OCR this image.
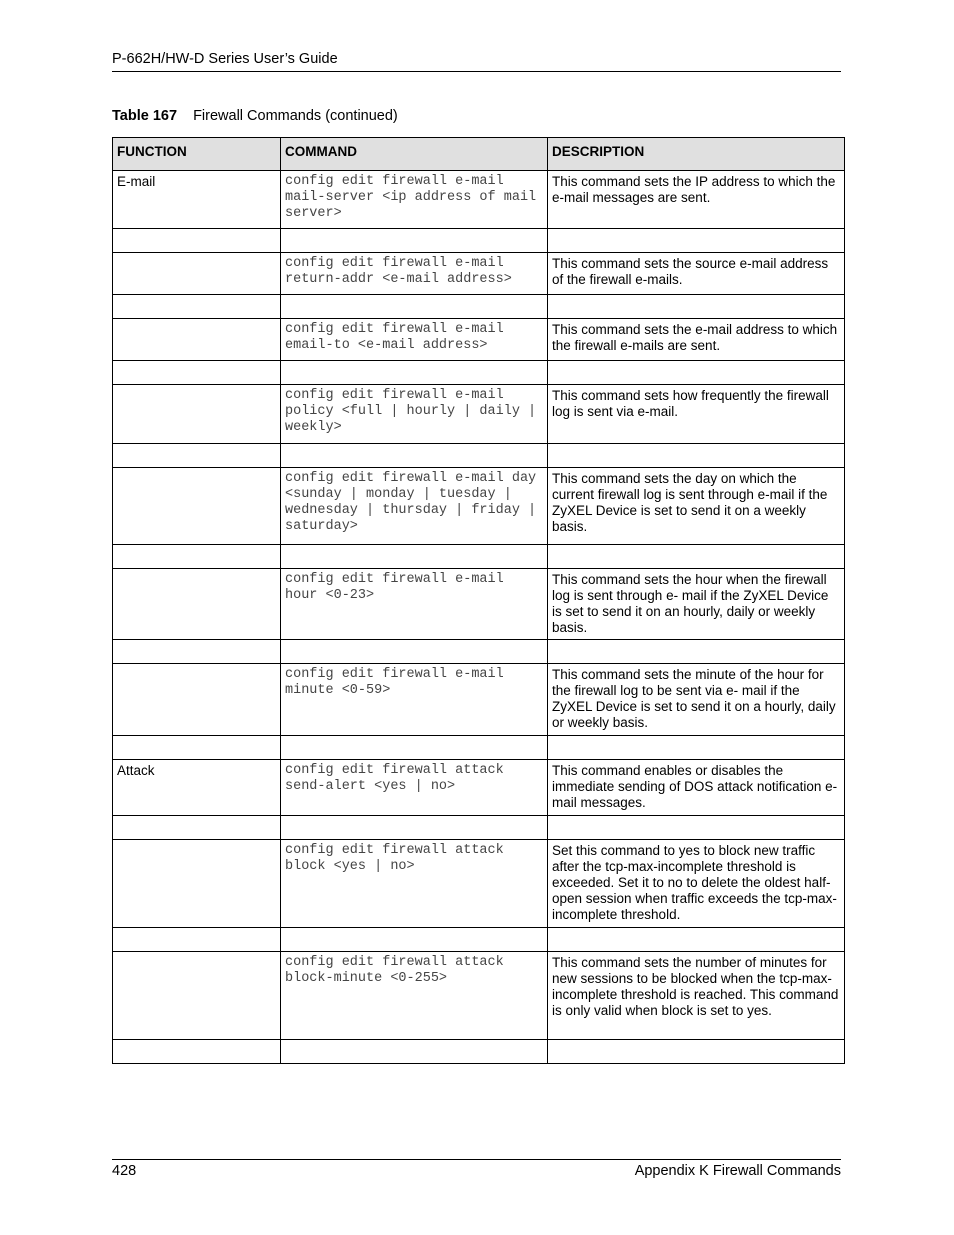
P-662H/HW-D Series User’s Guide
Table 167 Firewall Commands (continued)
FUNCTION	COMMAND	DESCRIPTION
E-mail	config edit firewall e-mail mail-server <ip address of mail server>	This command sets the IP address to which the e-mail messages are sent.

	config edit firewall e-mail return-addr <e-mail address>	This command sets the source e-mail address of the firewall e-mails.

	config edit firewall e-mail email-to <e-mail address>	This command sets the e-mail address to which the firewall e-mails are sent.

	config edit firewall e-mail policy <full | hourly | daily | weekly>	This command sets how frequently the firewall log is sent via e-mail.

	config edit firewall e-mail day <sunday | monday | tuesday | wednesday | thursday | friday | saturday>	This command sets the day on which the current firewall log is sent through e-mail if the ZyXEL Device is set to send it on a weekly basis.

	config edit firewall e-mail hour <0-23>	This command sets the hour when the firewall log is sent through e- mail if the ZyXEL Device is set to send it on an hourly, daily or weekly basis.

	config edit firewall e-mail minute <0-59>	This command sets the minute of the hour for the firewall log to be sent via e- mail if the ZyXEL Device is set to send it on a hourly, daily or weekly basis.

Attack	config edit firewall attack send-alert <yes | no>	This command enables or disables the immediate sending of DOS attack notification e-mail messages.

	config edit firewall attack block <yes | no>	Set this command to yes to block new traffic after the tcp-max-incomplete threshold is exceeded. Set it to no to delete the oldest half-open session when traffic exceeds the tcp-max-incomplete threshold.

	config edit firewall attack block-minute <0-255>	This command sets the number of minutes for new sessions to be blocked when the tcp-max-incomplete threshold is reached. This command is only valid when block is set to yes.

428	Appendix K Firewall Commands
